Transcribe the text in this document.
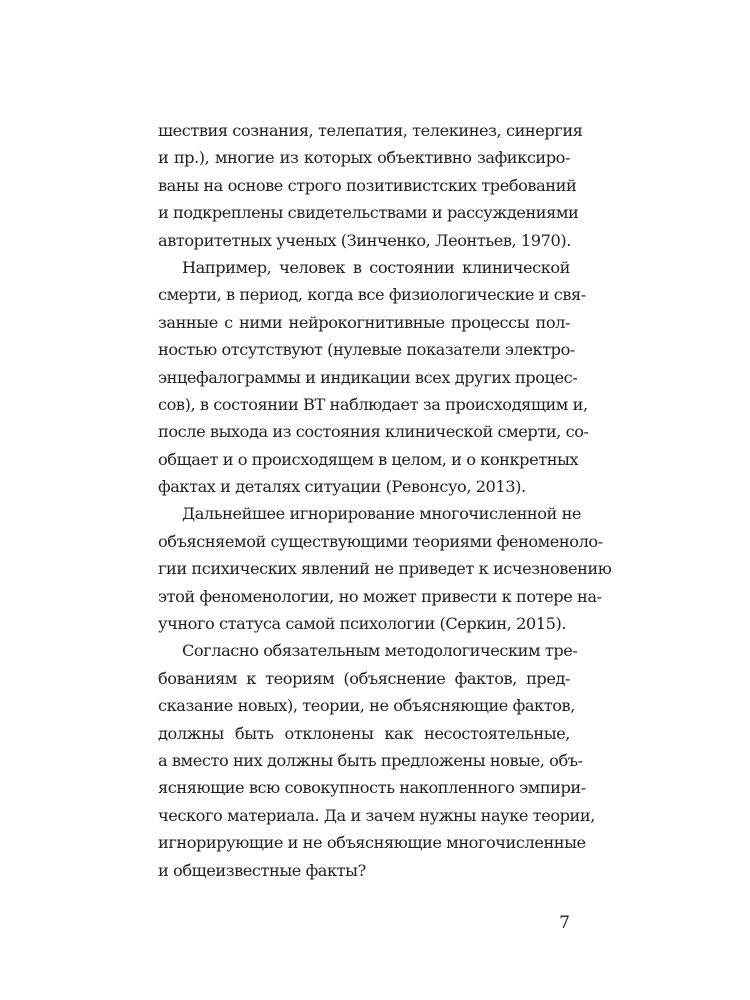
шествия сознания, телепатия, телекинез, синергия
и пр.), многие из которых объективно зафиксиро-
ваны на основе строго позитивистских требований
и подкреплены свидетельствами и рассуждениями
авторитетных ученых (Зинченко, Леонтьев, 1970).
Например, человек в состоянии клинической
смерти, в период, когда все физиологические и свя-
занные с ними нейрокогнитивные процессы пол-
ностью отсутствуют (нулевые показатели электро-
энцефалограммы и индикации всех других процес-
сов), в состоянии ВТ наблюдает за происходящим и,
после выхода из состояния клинической смерти, со-
общает и о происходящем в целом, и о конкретных
фактах и деталях ситуации (Ревонсуо, 2013).
Дальнейшее игнорирование многочисленной не
объясняемой существующими теориями феноменоло-
гии психических явлений не приведет к исчезновению
этой феноменологии, но может привести к потере на-
учного статуса самой психологии (Серкин, 2015).
Согласно обязательным методологическим тре-
бованиям к теориям (объяснение фактов, пред-
сказание новых), теории, не объясняющие фактов,
должны быть отклонены как несостоятельные,
а вместо них должны быть предложены новые, объ-
ясняющие всю совокупность накопленного эмпири-
ческого материала. Да и зачем нужны науке теории,
игнорирующие и не объясняющие многочисленные
и общеизвестные факты?
7
